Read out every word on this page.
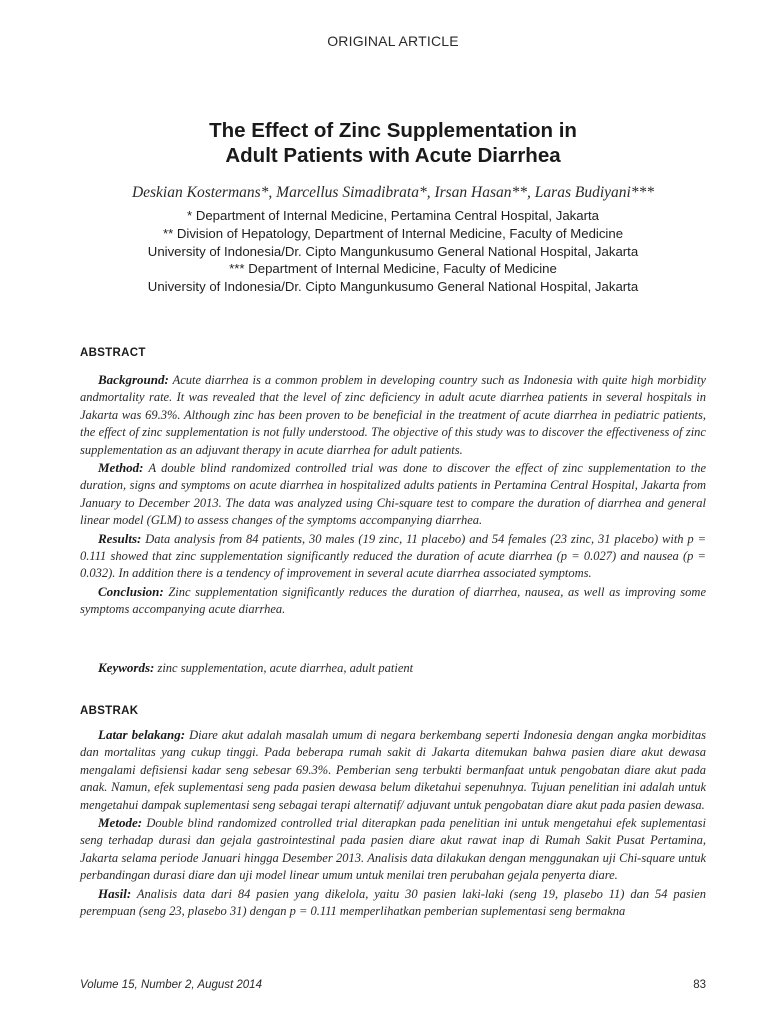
ORIGINAL ARTICLE
The Effect of Zinc Supplementation in
Adult Patients with Acute Diarrhea
Deskian Kostermans*, Marcellus Simadibrata*, Irsan Hasan**, Laras Budiyani***
* Department of Internal Medicine, Pertamina Central Hospital, Jakarta
** Division of Hepatology, Department of Internal Medicine, Faculty of Medicine
University of Indonesia/Dr. Cipto Mangunkusumo General National Hospital, Jakarta
*** Department of Internal Medicine, Faculty of Medicine
University of Indonesia/Dr. Cipto Mangunkusumo General National Hospital, Jakarta
ABSTRACT

Background: Acute diarrhea is a common problem in developing country such as Indonesia with quite high morbidity andmortality rate. It was revealed that the level of zinc deficiency in adult acute diarrhea patients in several hospitals in Jakarta was 69.3%. Although zinc has been proven to be beneficial in the treatment of acute diarrhea in pediatric patients, the effect of zinc supplementation is not fully understood. The objective of this study was to discover the effectiveness of zinc supplementation as an adjuvant therapy in acute diarrhea for adult patients.

Method: A double blind randomized controlled trial was done to discover the effect of zinc supplementation to the duration, signs and symptoms on acute diarrhea in hospitalized adults patients in Pertamina Central Hospital, Jakarta from January to December 2013. The data was analyzed using Chi-square test to compare the duration of diarrhea and general linear model (GLM) to assess changes of the symptoms accompanying diarrhea.

Results: Data analysis from 84 patients, 30 males (19 zinc, 11 placebo) and 54 females (23 zinc, 31 placebo) with p = 0.111 showed that zinc supplementation significantly reduced the duration of acute diarrhea (p = 0.027) and nausea (p = 0.032). In addition there is a tendency of improvement in several acute diarrhea associated symptoms.

Conclusion: Zinc supplementation significantly reduces the duration of diarrhea, nausea, as well as improving some symptoms accompanying acute diarrhea.

Keywords: zinc supplementation, acute diarrhea, adult patient

ABSTRAK

Latar belakang: Diare akut adalah masalah umum di negara berkembang seperti Indonesia dengan angka morbiditas dan mortalitas yang cukup tinggi. Pada beberapa rumah sakit di Jakarta ditemukan bahwa pasien diare akut dewasa mengalami defisiensi kadar seng sebesar 69.3%. Pemberian seng terbukti bermanfaat untuk pengobatan diare akut pada anak. Namun, efek suplementasi seng pada pasien dewasa belum diketahui sepenuhnya. Tujuan penelitian ini adalah untuk mengetahui dampak suplementasi seng sebagai terapi alternatif/ adjuvant untuk pengobatan diare akut pada pasien dewasa.

Metode: Double blind randomized controlled trial diterapkan pada penelitian ini untuk mengetahui efek suplementasi seng terhadap durasi dan gejala gastrointestinal pada pasien diare akut rawat inap di Rumah Sakit Pusat Pertamina, Jakarta selama periode Januari hingga Desember 2013. Analisis data dilakukan dengan menggunakan uji Chi-square untuk perbandingan durasi diare dan uji model linear umum untuk menilai tren perubahan gejala penyerta diare.

Hasil: Analisis data dari 84 pasien yang dikelola, yaitu 30 pasien laki-laki (seng 19, plasebo 11) dan 54 pasien perempuan (seng 23, plasebo 31) dengan p = 0.111 memperlihatkan pemberian suplementasi seng bermakna

Volume 15, Number 2, August 2014	83
